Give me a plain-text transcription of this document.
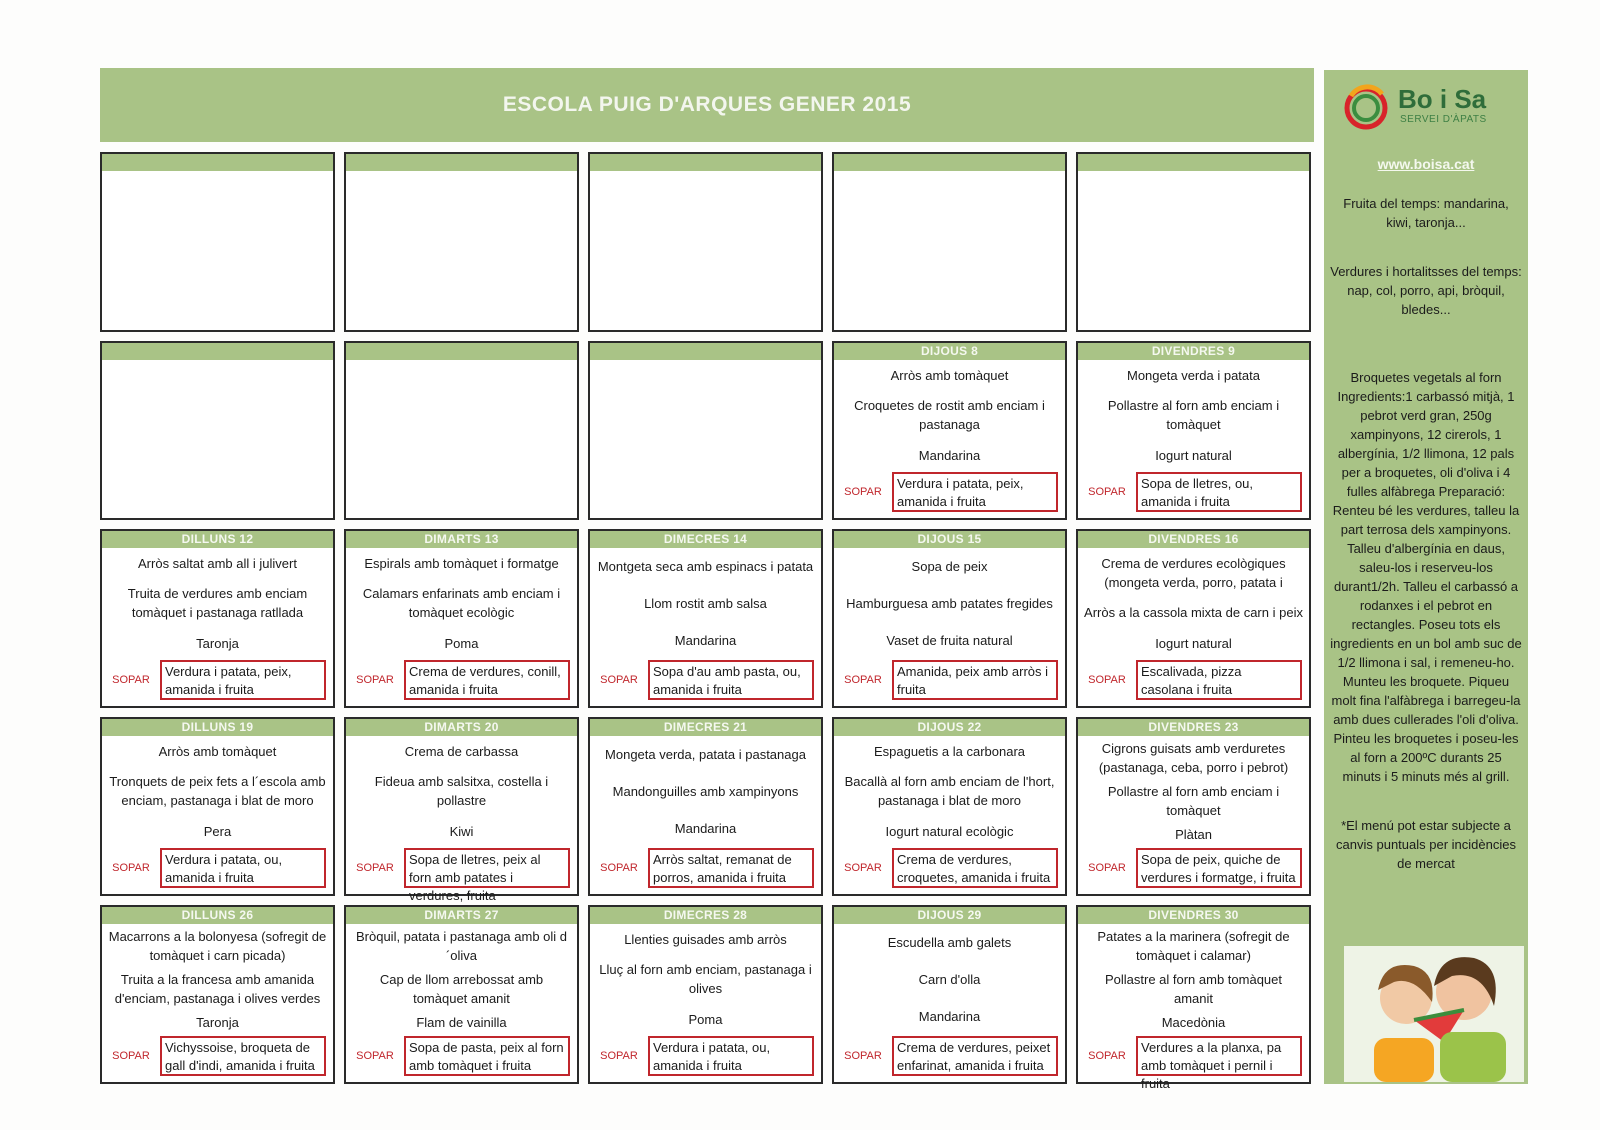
ESCOLA PUIG D'ARQUES GENER 2015
DIJOUS 8
Arròs amb tomàquet
Croquetes de rostit amb enciam i pastanaga
Mandarina
SOPAR
Verdura i patata, peix, amanida i fruita
DIVENDRES 9
Mongeta verda i patata
Pollastre al forn amb enciam i tomàquet
Iogurt natural
SOPAR
Sopa de lletres, ou, amanida i fruita
DILLUNS 12
Arròs saltat amb all i julivert
Truita de verdures amb enciam tomàquet i pastanaga ratllada
Taronja
SOPAR
Verdura i patata, peix, amanida i fruita
DIMARTS 13
Espirals amb tomàquet i formatge
Calamars enfarinats amb enciam i tomàquet ecològic
Poma
SOPAR
Crema de verdures, conill, amanida i fruita
DIMECRES 14
Montgeta seca amb espinacs i patata
Llom rostit amb salsa
Mandarina
SOPAR
Sopa d'au amb pasta, ou, amanida i fruita
DIJOUS 15
Sopa de peix
Hamburguesa amb patates fregides
Vaset de fruita natural
SOPAR
Amanida, peix amb arròs i fruita
DIVENDRES 16
Crema de verdures ecològiques (mongeta verda, porro, patata i
Arròs a la cassola mixta de carn i peix
Iogurt natural
SOPAR
Escalivada, pizza casolana i fruita
DILLUNS 19
Arròs amb tomàquet
Tronquets de peix fets a l´escola amb enciam, pastanaga i blat de moro
Pera
SOPAR
Verdura i patata, ou, amanida i fruita
DIMARTS 20
Crema de carbassa
Fideua amb salsitxa, costella i pollastre
Kiwi
SOPAR
Sopa de lletres, peix al forn amb patates i verdures, fruita
DIMECRES 21
Mongeta verda, patata i pastanaga
Mandonguilles amb xampinyons
Mandarina
SOPAR
Arròs saltat, remanat de porros, amanida i fruita
DIJOUS 22
Espaguetis a la carbonara
Bacallà al forn amb enciam de l'hort, pastanaga i blat de moro
Iogurt natural ecològic
SOPAR
Crema de verdures, croquetes, amanida i fruita
DIVENDRES 23
Cigrons guisats amb verduretes (pastanaga, ceba, porro i pebrot)
Pollastre al forn amb enciam i tomàquet
Plàtan
SOPAR
Sopa de peix, quiche de verdures i formatge, i fruita
DILLUNS 26
Macarrons a la bolonyesa (sofregit de tomàquet i carn picada)
Truita a la francesa amb amanida d'enciam, pastanaga i olives verdes
Taronja
SOPAR
Vichyssoise, broqueta de gall d'indi, amanida i fruita
DIMARTS 27
Bròquil, patata i pastanaga amb oli d´oliva
Cap de llom arrebossat amb tomàquet amanit
Flam de vainilla
SOPAR
Sopa de pasta, peix al forn amb tomàquet i fruita
DIMECRES 28
Llenties guisades amb arròs
Lluç al forn amb enciam, pastanaga i olives
Poma
SOPAR
Verdura i patata, ou, amanida i fruita
DIJOUS 29
Escudella amb galets
Carn d'olla
Mandarina
SOPAR
Crema de verdures, peixet enfarinat, amanida i fruita
DIVENDRES 30
Patates a la marinera (sofregit de tomàquet i calamar)
Pollastre al forn amb tomàquet amanit
Macedònia
SOPAR
Verdures a la planxa, pa amb tomàquet i pernil i fruita
Bo i Sa
SERVEI D'ÀPATS
www.boisa.cat
Fruita del temps: mandarina, kiwi, taronja...
Verdures i hortalitsses del temps: nap, col, porro, api, bròquil, bledes...
Broquetes vegetals al forn Ingredients:1 carbassó mitjà, 1 pebrot verd gran, 250g xampinyons, 12 cirerols, 1 albergínia, 1/2 llimona, 12 pals per a broquetes, oli d'oliva i 4 fulles alfàbrega Preparació: Renteu bé les verdures, talleu la part terrosa dels xampinyons. Talleu d'albergínia en daus, saleu-los i reserveu-los durant1/2h. Talleu el carbassó a rodanxes i el pebrot en rectangles. Poseu tots els ingredients en un bol amb suc de 1/2 llimona i sal, i remeneu-ho. Munteu les broquete. Piqueu molt fina l'alfàbrega i barregeu-la amb dues cullerades l'oli d'oliva. Pinteu les broquetes i poseu-les al forn a 200ºC durants 25 minuts i 5 minuts més al grill.
*El menú pot estar subjecte a canvis puntuals per incidències de mercat
